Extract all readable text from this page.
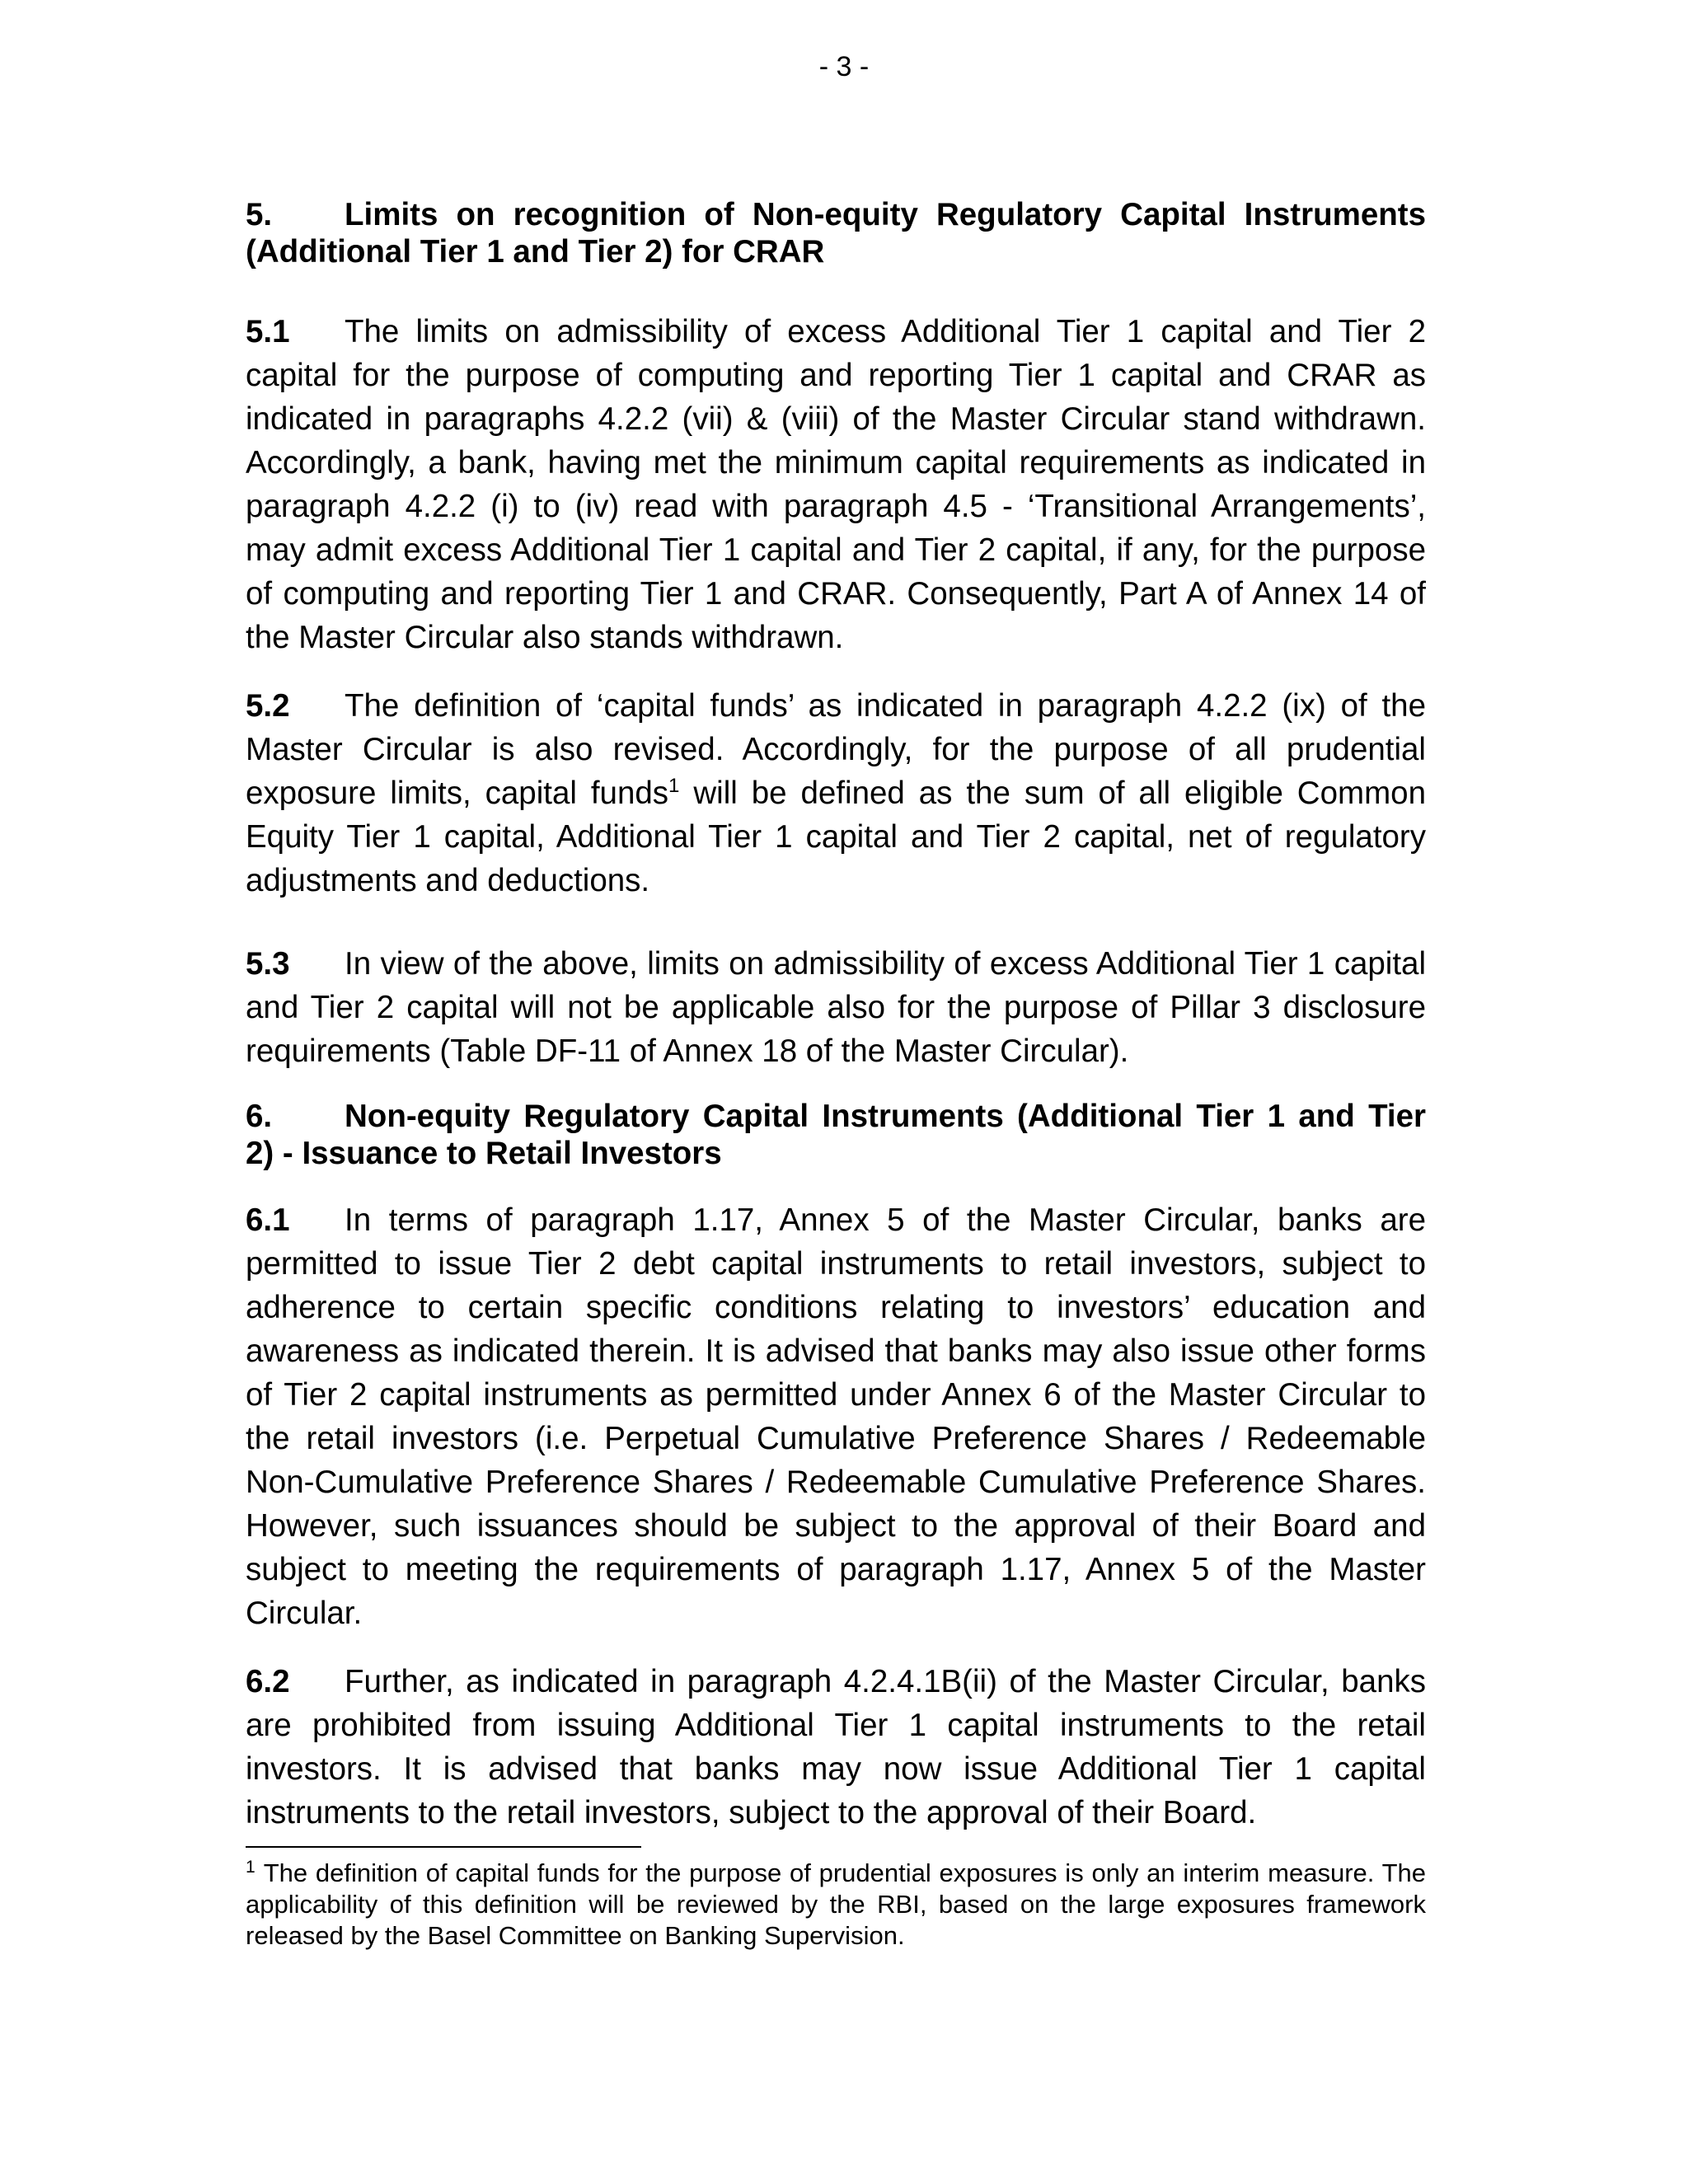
- 3 -

5. Limits on recognition of Non-equity Regulatory Capital Instruments (Additional Tier 1 and Tier 2) for CRAR

5.1 The limits on admissibility of excess Additional Tier 1 capital and Tier 2 capital for the purpose of computing and reporting Tier 1 capital and CRAR as indicated in paragraphs 4.2.2 (vii) & (viii) of the Master Circular stand withdrawn. Accordingly, a bank, having met the minimum capital requirements as indicated in paragraph 4.2.2 (i) to (iv) read with paragraph 4.5 - ‘Transitional Arrangements’, may admit excess Additional Tier 1 capital and Tier 2 capital, if any, for the purpose of computing and reporting Tier 1 and CRAR. Consequently, Part A of Annex 14 of the Master Circular also stands withdrawn.

5.2 The definition of ‘capital funds’ as indicated in paragraph 4.2.2 (ix) of the Master Circular is also revised. Accordingly, for the purpose of all prudential exposure limits, capital funds$^1$ will be defined as the sum of all eligible Common Equity Tier 1 capital, Additional Tier 1 capital and Tier 2 capital, net of regulatory adjustments and deductions.

5.3 In view of the above, limits on admissibility of excess Additional Tier 1 capital and Tier 2 capital will not be applicable also for the purpose of Pillar 3 disclosure requirements (Table DF-11 of Annex 18 of the Master Circular).

6. Non-equity Regulatory Capital Instruments (Additional Tier 1 and Tier 2) - Issuance to Retail Investors

6.1 In terms of paragraph 1.17, Annex 5 of the Master Circular, banks are permitted to issue Tier 2 debt capital instruments to retail investors, subject to adherence to certain specific conditions relating to investors’ education and awareness as indicated therein. It is advised that banks may also issue other forms of Tier 2 capital instruments as permitted under Annex 6 of the Master Circular to the retail investors (i.e. Perpetual Cumulative Preference Shares / Redeemable Non-Cumulative Preference Shares / Redeemable Cumulative Preference Shares. However, such issuances should be subject to the approval of their Board and subject to meeting the requirements of paragraph 1.17, Annex 5 of the Master Circular.

6.2 Further, as indicated in paragraph 4.2.4.1B(ii) of the Master Circular, banks are prohibited from issuing Additional Tier 1 capital instruments to the retail investors. It is advised that banks may now issue Additional Tier 1 capital instruments to the retail investors, subject to the approval of their Board.

$^1$ The definition of capital funds for the purpose of prudential exposures is only an interim measure. The applicability of this definition will be reviewed by the RBI, based on the large exposures framework released by the Basel Committee on Banking Supervision.
